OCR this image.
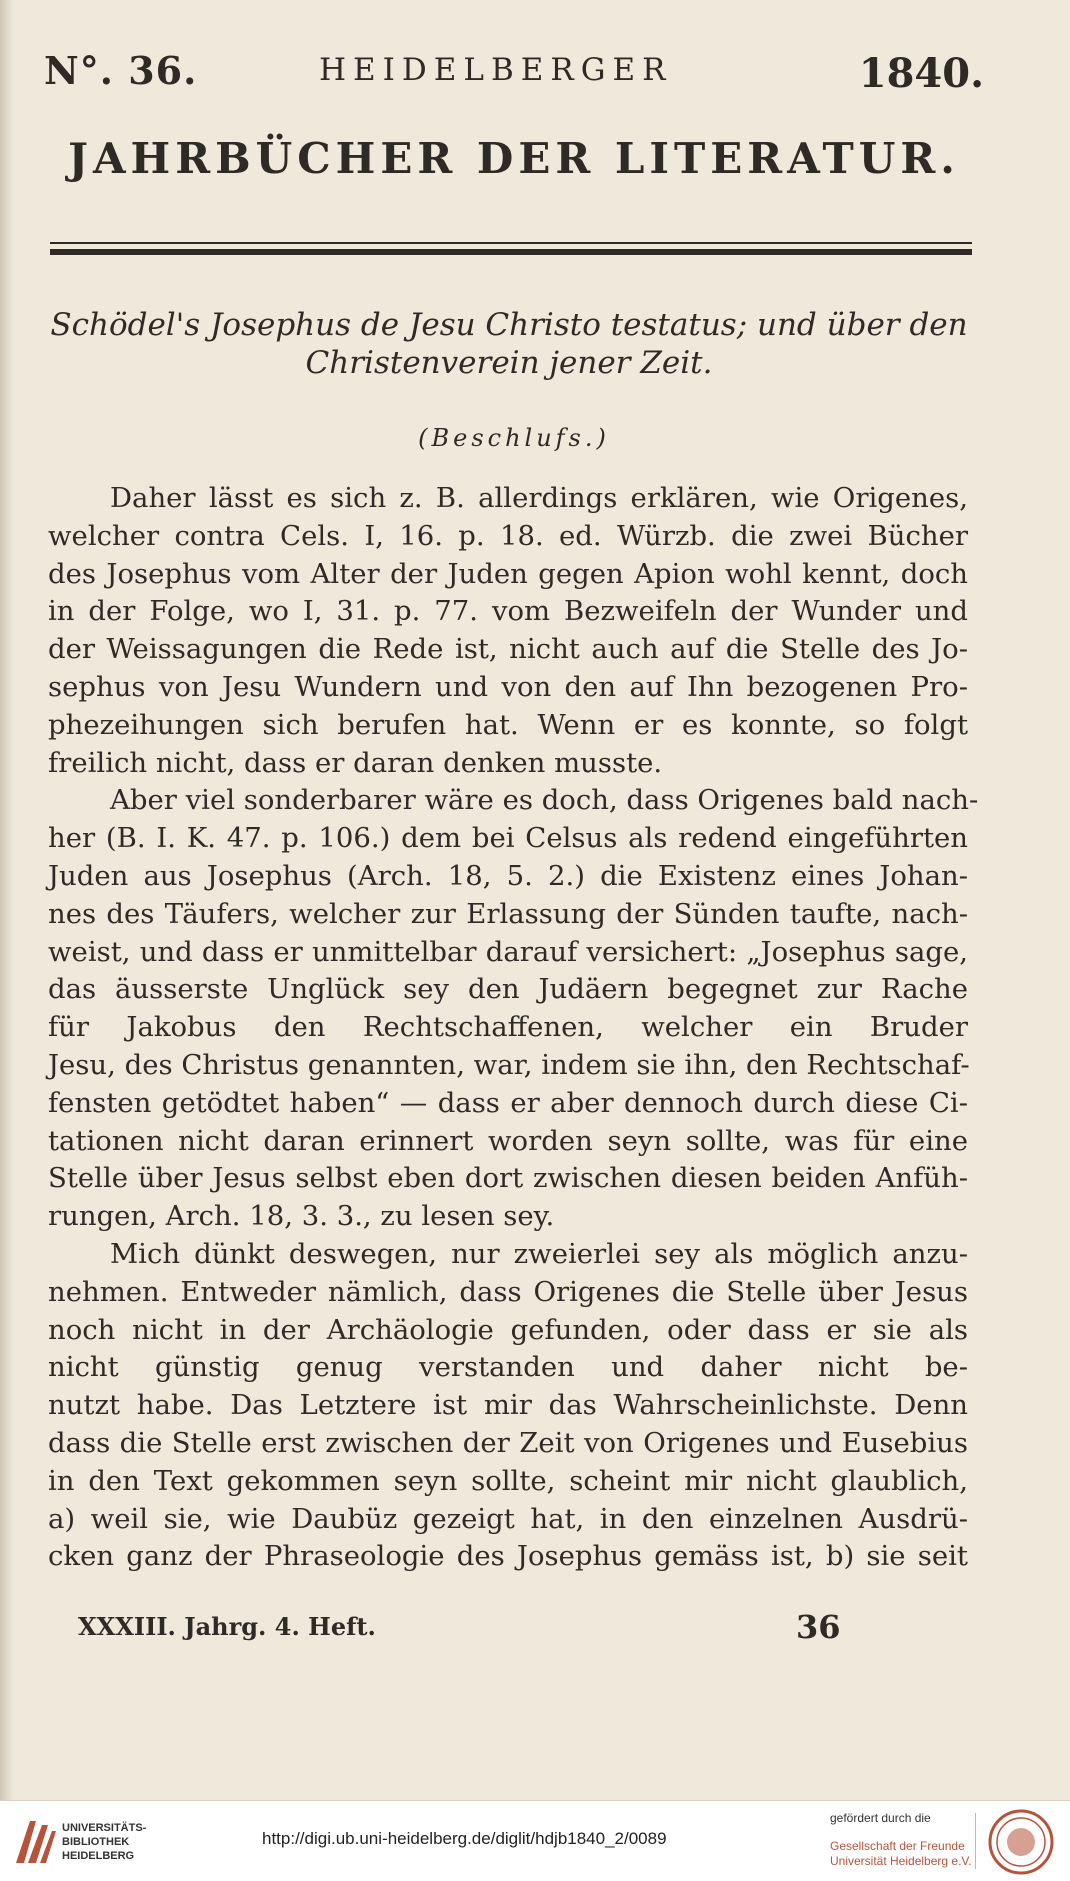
N°. 36.	HEIDELBERGER	1840.
JAHRBÜCHER DER LITERATUR.
Schödel's Josephus de Jesu Christo testatus; und über den
Christenverein jener Zeit.
(Beschlufs.)
Daher lässt es sich z. B. allerdings erklären, wie Origenes,
welcher contra Cels. I, 16. p. 18. ed. Würzb. die zwei Bücher
des Josephus vom Alter der Juden gegen Apion wohl kennt, doch
in der Folge, wo I, 31. p. 77. vom Bezweifeln der Wunder und
der Weissagungen die Rede ist, nicht auch auf die Stelle des Jo-
sephus von Jesu Wundern und von den auf Ihn bezogenen Pro-
phezeihungen sich berufen hat. Wenn er es konnte, so folgt
freilich nicht, dass er daran denken musste.
Aber viel sonderbarer wäre es doch, dass Origenes bald nach-
her (B. I. K. 47. p. 106.) dem bei Celsus als redend eingeführten
Juden aus Josephus (Arch. 18, 5. 2.) die Existenz eines Johan-
nes des Täufers, welcher zur Erlassung der Sünden taufte, nach-
weist, und dass er unmittelbar darauf versichert: „Josephus sage,
das äusserste Unglück sey den Judäern begegnet zur Rache
für Jakobus den Rechtschaffenen, welcher ein Bruder
Jesu, des Christus genannten, war, indem sie ihn, den Rechtschaf-
fensten getödtet haben“ — dass er aber dennoch durch diese Ci-
tationen nicht daran erinnert worden seyn sollte, was für eine
Stelle über Jesus selbst eben dort zwischen diesen beiden Anfüh-
rungen, Arch. 18, 3. 3., zu lesen sey.
Mich dünkt deswegen, nur zweierlei sey als möglich anzu-
nehmen. Entweder nämlich, dass Origenes die Stelle über Jesus
noch nicht in der Archäologie gefunden, oder dass er sie als
nicht günstig genug verstanden und daher nicht be-
nutzt habe. Das Letztere ist mir das Wahrscheinlichste. Denn
dass die Stelle erst zwischen der Zeit von Origenes und Eusebius
in den Text gekommen seyn sollte, scheint mir nicht glaublich,
a) weil sie, wie Daubüz gezeigt hat, in den einzelnen Ausdrü-
cken ganz der Phraseologie des Josephus gemäss ist, b) sie seit
XXXIII. Jahrg. 4. Heft.	36
UNIVERSITÄTS-
BIBLIOTHEK
HEIDELBERG
http://digi.ub.uni-heidelberg.de/diglit/hdjb1840_2/0089
gefördert durch die
Gesellschaft der Freunde
Universität Heidelberg e.V.
